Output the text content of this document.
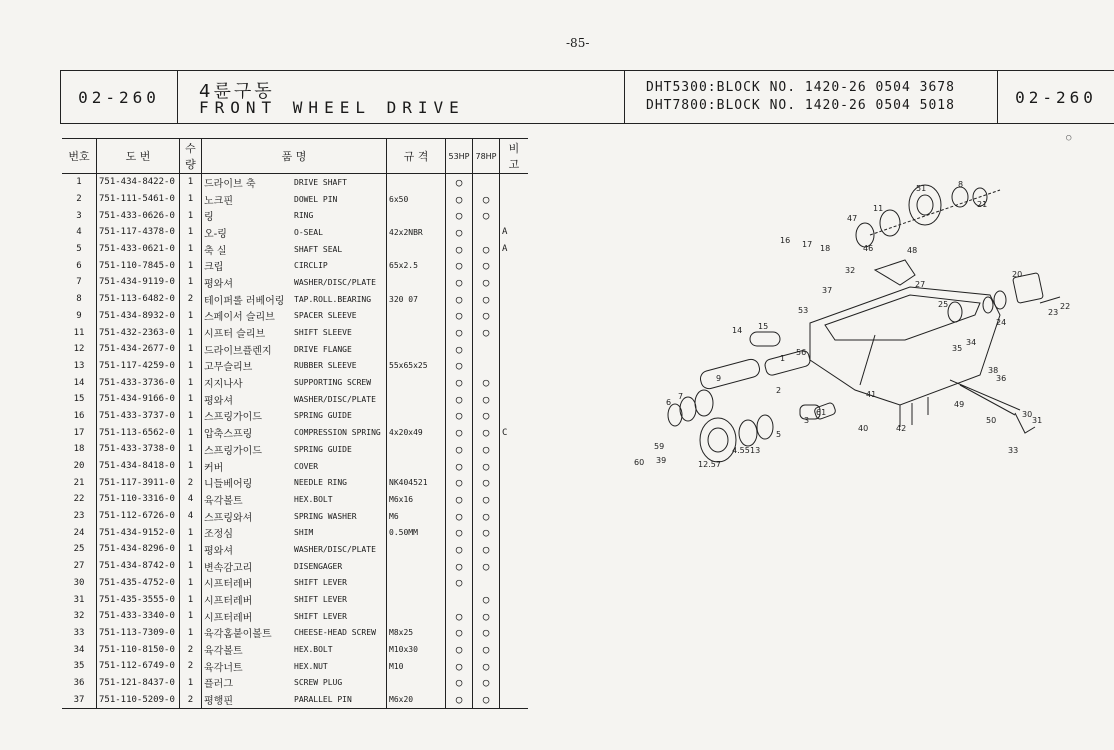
-85-
02-260	4륜구동
FRONT WHEEL DRIVE
DHT5300:BLOCK NO. 1420-26 0504 3678
DHT7800:BLOCK NO. 1420-26 0504 5018	02-260
번호	도 번	수량	품 명		규 격	53HP	78HP	비 고
1	751-434-8422-0	1	드라이브 축	DRIVE SHAFT		○		
2	751-111-5461-0	1	노크핀	DOWEL PIN	6x50	○	○	
3	751-433-0626-0	1	링	RING		○	○	
4	751-117-4378-0	1	오-링	O-SEAL	42x2NBR	○		A
5	751-433-0621-0	1	축 실	SHAFT SEAL		○	○	A
6	751-110-7845-0	1	크립	CIRCLIP	65x2.5	○	○	
7	751-434-9119-0	1	평와셔	WASHER/DISC/PLATE		○	○	
8	751-113-6482-0	2	테이퍼롤 러베어링	TAP.ROLL.BEARING	320 07	○	○	
9	751-434-8932-0	1	스페이서 슬리브	SPACER SLEEVE		○	○	
11	751-432-2363-0	1	시프터 슬리브	SHIFT SLEEVE		○	○	
12	751-434-2677-0	1	드라이브플렌지	DRIVE FLANGE		○		
13	751-117-4259-0	1	고무슬리브	RUBBER SLEEVE	55x65x25	○		
14	751-433-3736-0	1	지지나사	SUPPORTING SCREW		○	○	
15	751-434-9166-0	1	평와셔	WASHER/DISC/PLATE		○	○	
16	751-433-3737-0	1	스프링가이드	SPRING GUIDE		○	○	
17	751-113-6562-0	1	압축스프링	COMPRESSION SPRING	4x20x49	○	○	C
18	751-433-3738-0	1	스프링가이드	SPRING GUIDE		○	○	
20	751-434-8418-0	1	커버	COVER		○	○	
21	751-117-3911-0	2	니들베어링	NEEDLE RING	NK404521	○	○	
22	751-110-3316-0	4	육각볼트	HEX.BOLT	M6x16	○	○	
23	751-112-6726-0	4	스프링와셔	SPRING WASHER	M6	○	○	
24	751-434-9152-0	1	조정심	SHIM	0.50MM	○	○	
25	751-434-8296-0	1	평와셔	WASHER/DISC/PLATE		○	○	
27	751-434-8742-0	1	변속감고리	DISENGAGER		○	○	
30	751-435-4752-0	1	시프터레버	SHIFT LEVER		○		
31	751-435-3555-0	1	시프터레버	SHIFT LEVER			○	
32	751-433-3340-0	1	시프터레버	SHIFT LEVER		○	○	
33	751-113-7309-0	1	육각홈붙이볼트	CHEESE-HEAD SCREW	M8x25	○	○	
34	751-110-8150-0	2	육각볼트	HEX.BOLT	M10x30	○	○	
35	751-112-6749-0	2	육각너트	HEX.NUT	M10	○	○	
36	751-121-8437-0	1	플러그	SCREW PLUG		○	○	
37	751-110-5209-0	2	평행핀	PARALLEL PIN	M6x20	○	○	
51
11
8
21
47
46	48
16 17 18
32
27
37
53
25
20
23
22
24
14 15
1
56	35
34
38
36
7
6
9
41
2
3
61
49
50
30
31
33
40	42
59
39
60
4.55 13
12.57
5
○
